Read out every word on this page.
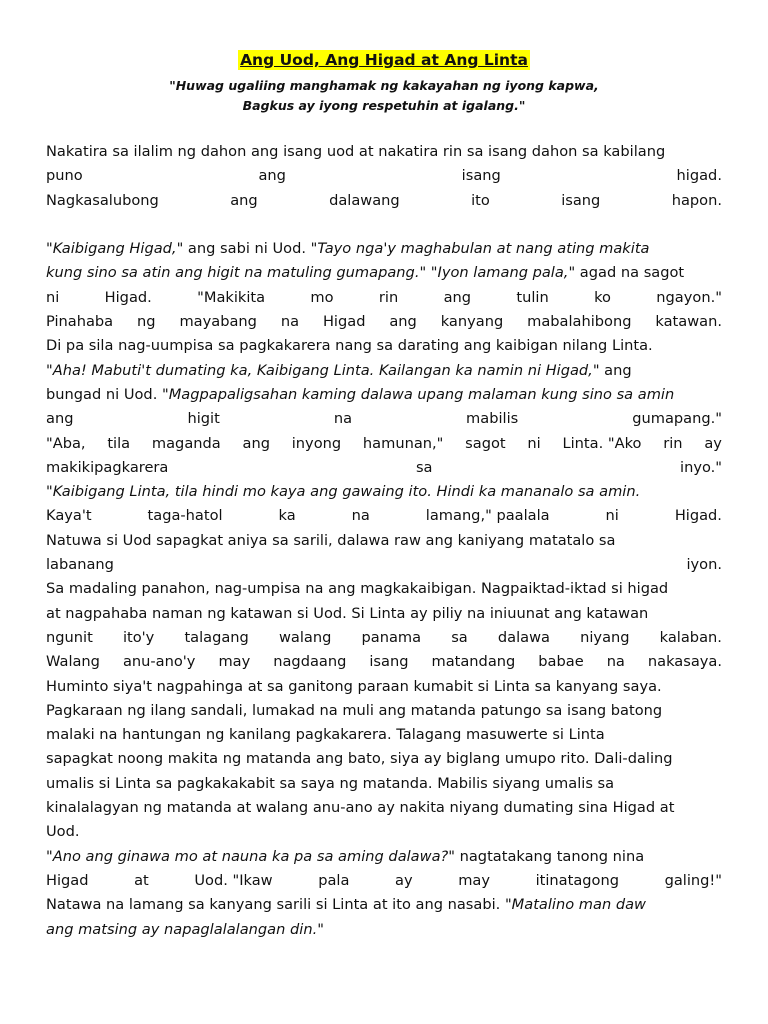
Ang Uod, Ang Higad at Ang Linta
"Huwag ugaliing manghamak ng kakayahan ng iyong kapwa,
Bagkus ay iyong respetuhin at igalang."
Nakatira sa ilalim ng dahon ang isang uod at nakatira rin sa isang dahon sa kabilang
puno	ang	isang	higad.
Nagkasalubong	ang	dalawang	ito	isang	hapon.
"Kaibigang Higad," ang sabi ni Uod. "Tayo nga'y maghabulan at nang ating makita
kung sino sa atin ang higit na matuling gumapang." "Iyon lamang pala," agad na sagot
ni	Higad.	"Makikita	mo	rin	ang	tulin	ko	ngayon."
Pinahaba ng mayabang na Higad ang kanyang mabalahibong katawan.
Di pa sila nag-uumpisa sa pagkakarera nang sa darating ang kaibigan nilang Linta.
"Aha! Mabuti't dumating ka, Kaibigang Linta. Kailangan ka namin ni Higad," ang
bungad ni Uod. "Magpapaligsahan kaming dalawa upang malaman kung sino sa amin
ang	higit	na	mabilis	gumapang."
"Aba, tila maganda ang inyong hamunan," sagot ni Linta. "Ako rin ay
makikipagkarera	sa	inyo."
"Kaibigang Linta, tila hindi mo kaya ang gawaing ito. Hindi ka mananalo sa amin.
Kaya't	taga-hatol	ka	na	lamang," paalala	ni	Higad.
Natuwa si Uod sapagkat aniya sa sarili, dalawa raw ang kaniyang matatalo sa
labanang	iyon.
Sa madaling panahon, nag-umpisa na ang magkakaibigan. Nagpaiktad-iktad si higad
at nagpahaba naman ng katawan si Uod. Si Linta ay piliy na iniuunat ang katawan
ngunit ito'y talagang walang panama sa dalawa niyang kalaban.
Walang anu-ano'y may nagdaang isang matandang babae na nakasaya.
Huminto siya't nagpahinga at sa ganitong paraan kumabit si Linta sa kanyang saya.
Pagkaraan ng ilang sandali, lumakad na muli ang matanda patungo sa isang batong
malaki na hantungan ng kanilang pagkakarera. Talagang masuwerte si Linta
sapagkat noong makita ng matanda ang bato, siya ay biglang umupo rito. Dali-daling
umalis si Linta sa pagkakakabit sa saya ng matanda. Mabilis siyang umalis sa
kinalalagyan ng matanda at walang anu-ano ay nakita niyang dumating sina Higad at
Uod.
"Ano ang ginawa mo at nauna ka pa sa aming dalawa?" nagtatakang tanong nina
Higad	at	Uod. "Ikaw	pala	ay	may	itinatagong	galing!"
Natawa na lamang sa kanyang sarili si Linta at ito ang nasabi. "Matalino man daw
ang matsing ay napaglalalangan din."
